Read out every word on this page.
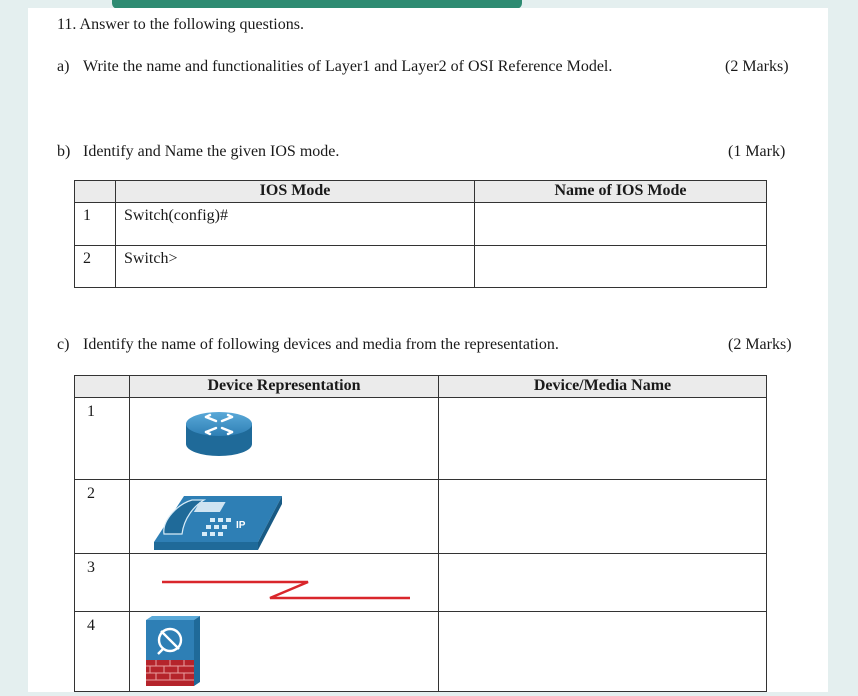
11. Answer to the following questions.
a) Write the name and functionalities of Layer1 and Layer2 of OSI Reference Model.	(2 Marks)
b) Identify and Name the given IOS mode.	(1 Mark)
	IOS Mode	Name of IOS Mode
1	Switch(config)#	
2	Switch>	
c) Identify the name of following devices and media from the representation.	(2 Marks)
	Device Representation	Device/Media Name
1	

2	IP	

3	

4	
